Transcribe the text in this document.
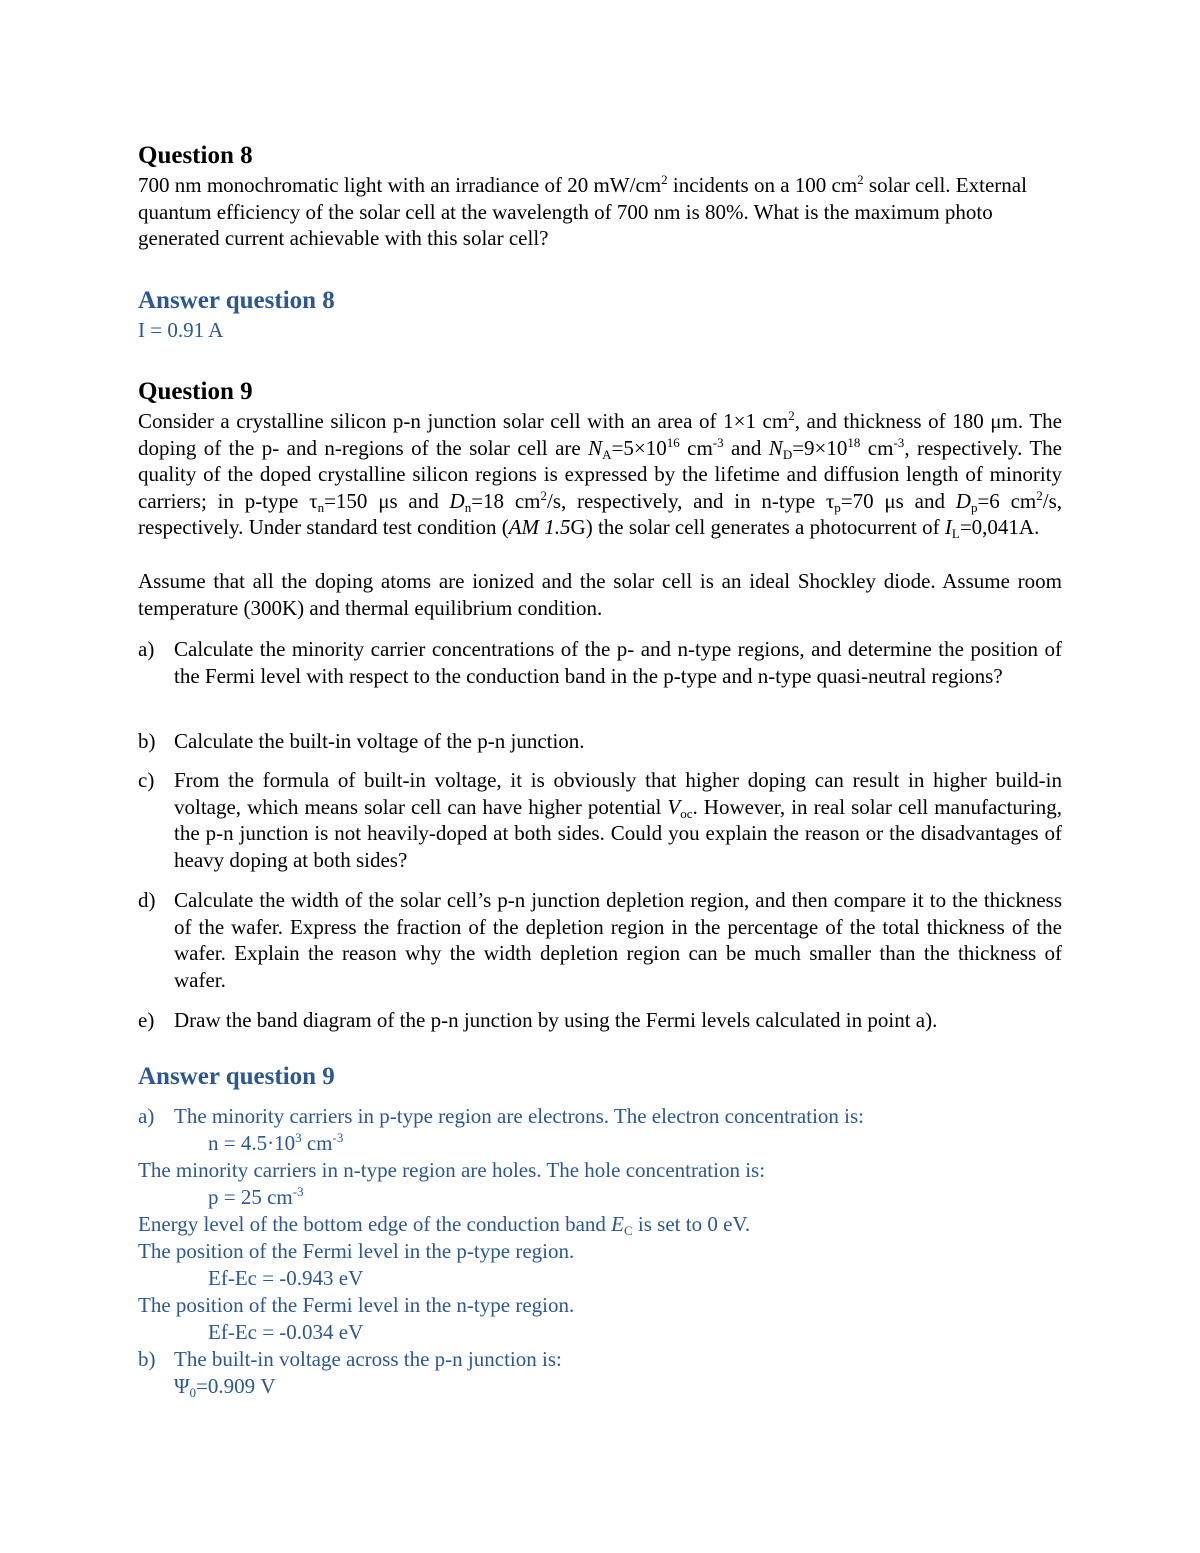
Question 8

700 nm monochromatic light with an irradiance of 20 $mW/cm^2$ incidents on a 100 $cm^2$ solar cell. External quantum efficiency of the solar cell at the wavelength of 700 nm is 80%. What is the maximum photo generated current achievable with this solar cell?

Answer question 8

I = 0.91 A

Question 9

Consider a crystalline silicon p-n junction solar cell with an area of 1×1 $cm^2$, and thickness of 180 μm. The doping of the p- and n-regions of the solar cell are $N_A=5\times 10^{16}$ $cm^{-3}$ and $N_D=9\times 10^{18}$ $cm^{-3}$, respectively. The quality of the doped crystalline silicon regions is expressed by the lifetime and diffusion length of minority carriers; in p-type $\tau_n=150$ μs and $D_n=18$ $cm^2/s$, respectively, and in n-type $\tau_p=70$ μs and $D_p=6$ $cm^2/s$, respectively. Under standard test condition (AM 1.5G) the solar cell generates a photocurrent of $I_L=0,041A$.

Assume that all the doping atoms are ionized and the solar cell is an ideal Shockley diode. Assume room temperature (300K) and thermal equilibrium condition.

a) Calculate the minority carrier concentrations of the p- and n-type regions, and determine the position of the Fermi level with respect to the conduction band in the p-type and n-type quasi-neutral regions?
b) Calculate the built-in voltage of the p-n junction.
c) From the formula of built-in voltage, it is obviously that higher doping can result in higher build-in voltage, which means solar cell can have higher potential $V_{oc}$. However, in real solar cell manufacturing, the p-n junction is not heavily-doped at both sides. Could you explain the reason or the disadvantages of heavy doping at both sides?
d) Calculate the width of the solar cell’s p-n junction depletion region, and then compare it to the thickness of the wafer. Express the fraction of the depletion region in the percentage of the total thickness of the wafer. Explain the reason why the width depletion region can be much smaller than the thickness of wafer.
e) Draw the band diagram of the p-n junction by using the Fermi levels calculated in point a).
Answer question 9
a) The minority carriers in p-type region are electrons. The electron concentration is:
$n = 4.5\cdot 10^3$ $cm^{-3}$

The minority carriers in n-type region are holes. The hole concentration is:

p = 25 $cm^{-3}$

Energy level of the bottom edge of the conduction band $E_C$ is set to 0 eV.

The position of the Fermi level in the p-type region.

Ef-Ec = -0.943 eV

The position of the Fermi level in the n-type region.

Ef-Ec = -0.034 eV
b) The built-in voltage across the p-n junction is:
$\Psi_0=0.909$ V
